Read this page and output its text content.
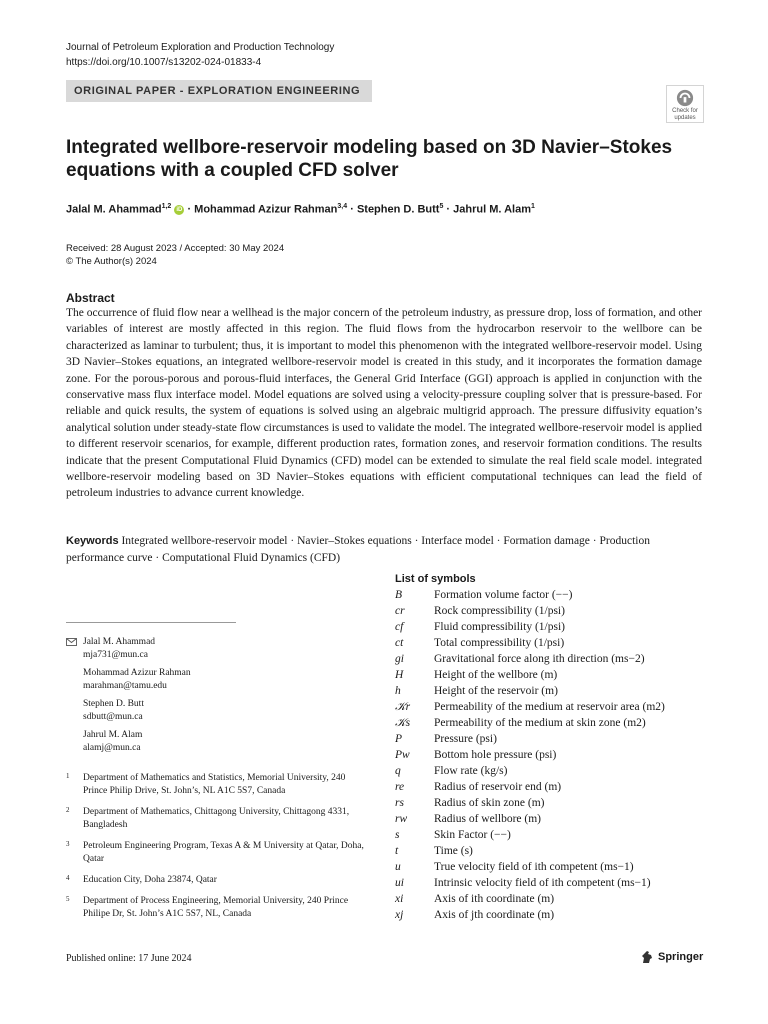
Journal of Petroleum Exploration and Production Technology
https://doi.org/10.1007/s13202-024-01833-4
ORIGINAL PAPER - EXPLORATION ENGINEERING
Check for
updates
Integrated wellbore-reservoir modeling based on 3D Navier–Stokes equations with a coupled CFD solver
Jalal M. Ahammad$^{1,2}$ iD · Mohammad Azizur Rahman$^{3,4}$ · Stephen D. Butt$^5$ · Jahrul M. Alam$^1$
Received: 28 August 2023 / Accepted: 30 May 2024
© The Author(s) 2024
Abstract
The occurrence of fluid flow near a wellhead is the major concern of the petroleum industry, as pressure drop, loss of formation, and other variables of interest are mostly affected in this region. The fluid flows from the hydrocarbon reservoir to the wellbore can be characterized as laminar to turbulent; thus, it is important to model this phenomenon with the integrated wellbore-reservoir model. Using 3D Navier–Stokes equations, an integrated wellbore-reservoir model is created in this study, and it incorporates the formation damage zone. For the porous-porous and porous-fluid interfaces, the General Grid Interface (GGI) approach is applied in conjunction with the conservative mass flux interface model. Model equations are solved using a velocity-pressure coupling solver that is pressure-based. For reliable and quick results, the system of equations is solved using an algebraic multigrid approach. The pressure diffusivity equation’s analytical solution under steady-state flow circumstances is used to validate the model. The integrated wellbore-reservoir model is applied to different reservoir scenarios, for example, different production rates, formation zones, and reservoir formation conditions. The results indicate that the present Computational Fluid Dynamics (CFD) model can be extended to simulate the real field scale model. integrated wellbore-reservoir modeling based on 3D Navier–Stokes equations with efficient computational techniques can lead the field of petroleum industries to advance current knowledge.
Keywords Integrated wellbore-reservoir model · Navier–Stokes equations · Interface model · Formation damage · Production performance curve · Computational Fluid Dynamics (CFD)
Jalal M. Ahammad
mja731@mun.ca
Mohammad Azizur Rahman
marahman@tamu.edu
Stephen D. Butt
sdbutt@mun.ca
Jahrul M. Alam
alamj@mun.ca
1 Department of Mathematics and Statistics, Memorial University, 240 Prince Philip Drive, St. John’s, NL A1C 5S7, Canada
2 Department of Mathematics, Chittagong University, Chittagong 4331, Bangladesh
3 Petroleum Engineering Program, Texas A & M University at Qatar, Doha, Qatar
4 Education City, Doha 23874, Qatar
5 Department of Process Engineering, Memorial University, 240 Prince Philipe Dr, St. John’s A1C 5S7, NL, Canada
List of symbols
B	Formation volume factor (−−)
cr	Rock compressibility (1/psi)
cf	Fluid compressibility (1/psi)
ct	Total compressibility (1/psi)
gi	Gravitational force along ith direction (ms−2)
H	Height of the wellbore (m)
h	Height of the reservoir (m)
𝒦r	Permeability of the medium at reservoir area (m2)
𝒦s	Permeability of the medium at skin zone (m2)
P	Pressure (psi)
Pw	Bottom hole pressure (psi)
q	Flow rate (kg/s)
re	Radius of reservoir end (m)
rs	Radius of skin zone (m)
rw	Radius of wellbore (m)
s	Skin Factor (−−)
t	Time (s)
u	True velocity field of ith competent (ms−1)
ui	Intrinsic velocity field of ith competent (ms−1)
xi	Axis of ith coordinate (m)
xj	Axis of jth coordinate (m)
Published online: 17 June 2024	Springer
